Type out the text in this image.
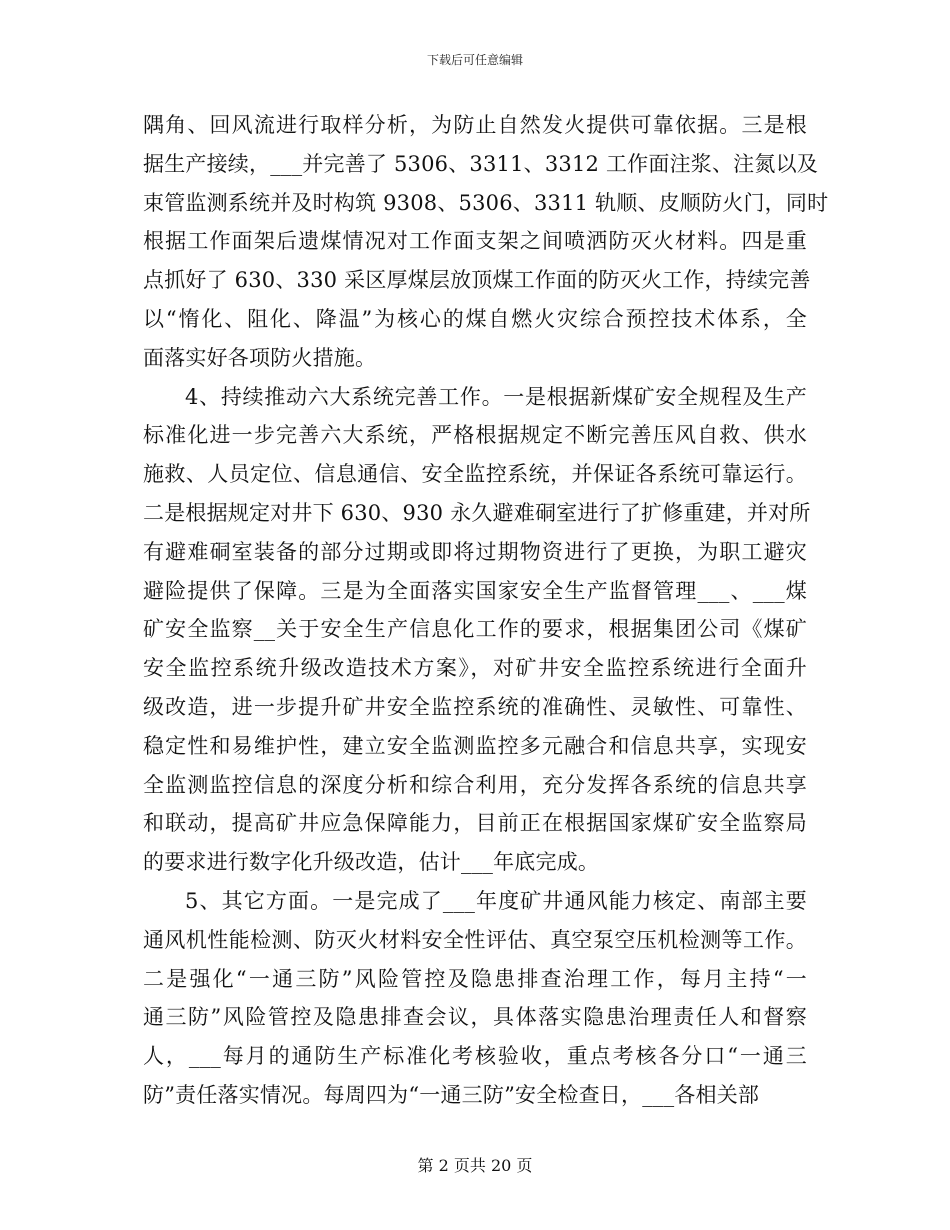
下载后可任意编辑
隅角、回风流进行取样分析，为防止自然发火提供可靠依据。三是根
据生产接续，___并完善了 5306、3311、3312 工作面注浆、注氮以及
束管监测系统并及时构筑 9308、5306、3311 轨顺、皮顺防火门，同时
根据工作面架后遗煤情况对工作面支架之间喷洒防灭火材料。四是重
点抓好了 630、330 采区厚煤层放顶煤工作面的防灭火工作，持续完善
以“惰化、阻化、降温”为核心的煤自燃火灾综合预控技术体系，全
面落实好各项防火措施。
4、持续推动六大系统完善工作。一是根据新煤矿安全规程及生产
标准化进一步完善六大系统，严格根据规定不断完善压风自救、供水
施救、人员定位、信息通信、安全监控系统，并保证各系统可靠运行。
二是根据规定对井下 630、930 永久避难硐室进行了扩修重建，并对所
有避难硐室装备的部分过期或即将过期物资进行了更换，为职工避灾
避险提供了保障。三是为全面落实国家安全生产监督管理___、___煤
矿安全监察__关于安全生产信息化工作的要求，根据集团公司《煤矿
安全监控系统升级改造技术方案》，对矿井安全监控系统进行全面升
级改造，进一步提升矿井安全监控系统的准确性、灵敏性、可靠性、
稳定性和易维护性，建立安全监测监控多元融合和信息共享，实现安
全监测监控信息的深度分析和综合利用，充分发挥各系统的信息共享
和联动，提高矿井应急保障能力，目前正在根据国家煤矿安全监察局
的要求进行数字化升级改造，估计___年底完成。
5、其它方面。一是完成了___年度矿井通风能力核定、南部主要
通风机性能检测、防灭火材料安全性评估、真空泵空压机检测等工作。
二是强化“一通三防”风险管控及隐患排查治理工作，每月主持“一
通三防”风险管控及隐患排查会议，具体落实隐患治理责任人和督察
人，___每月的通防生产标准化考核验收，重点考核各分口“一通三
防”责任落实情况。每周四为“一通三防”安全检查日，___各相关部
第 2 页共 20 页
